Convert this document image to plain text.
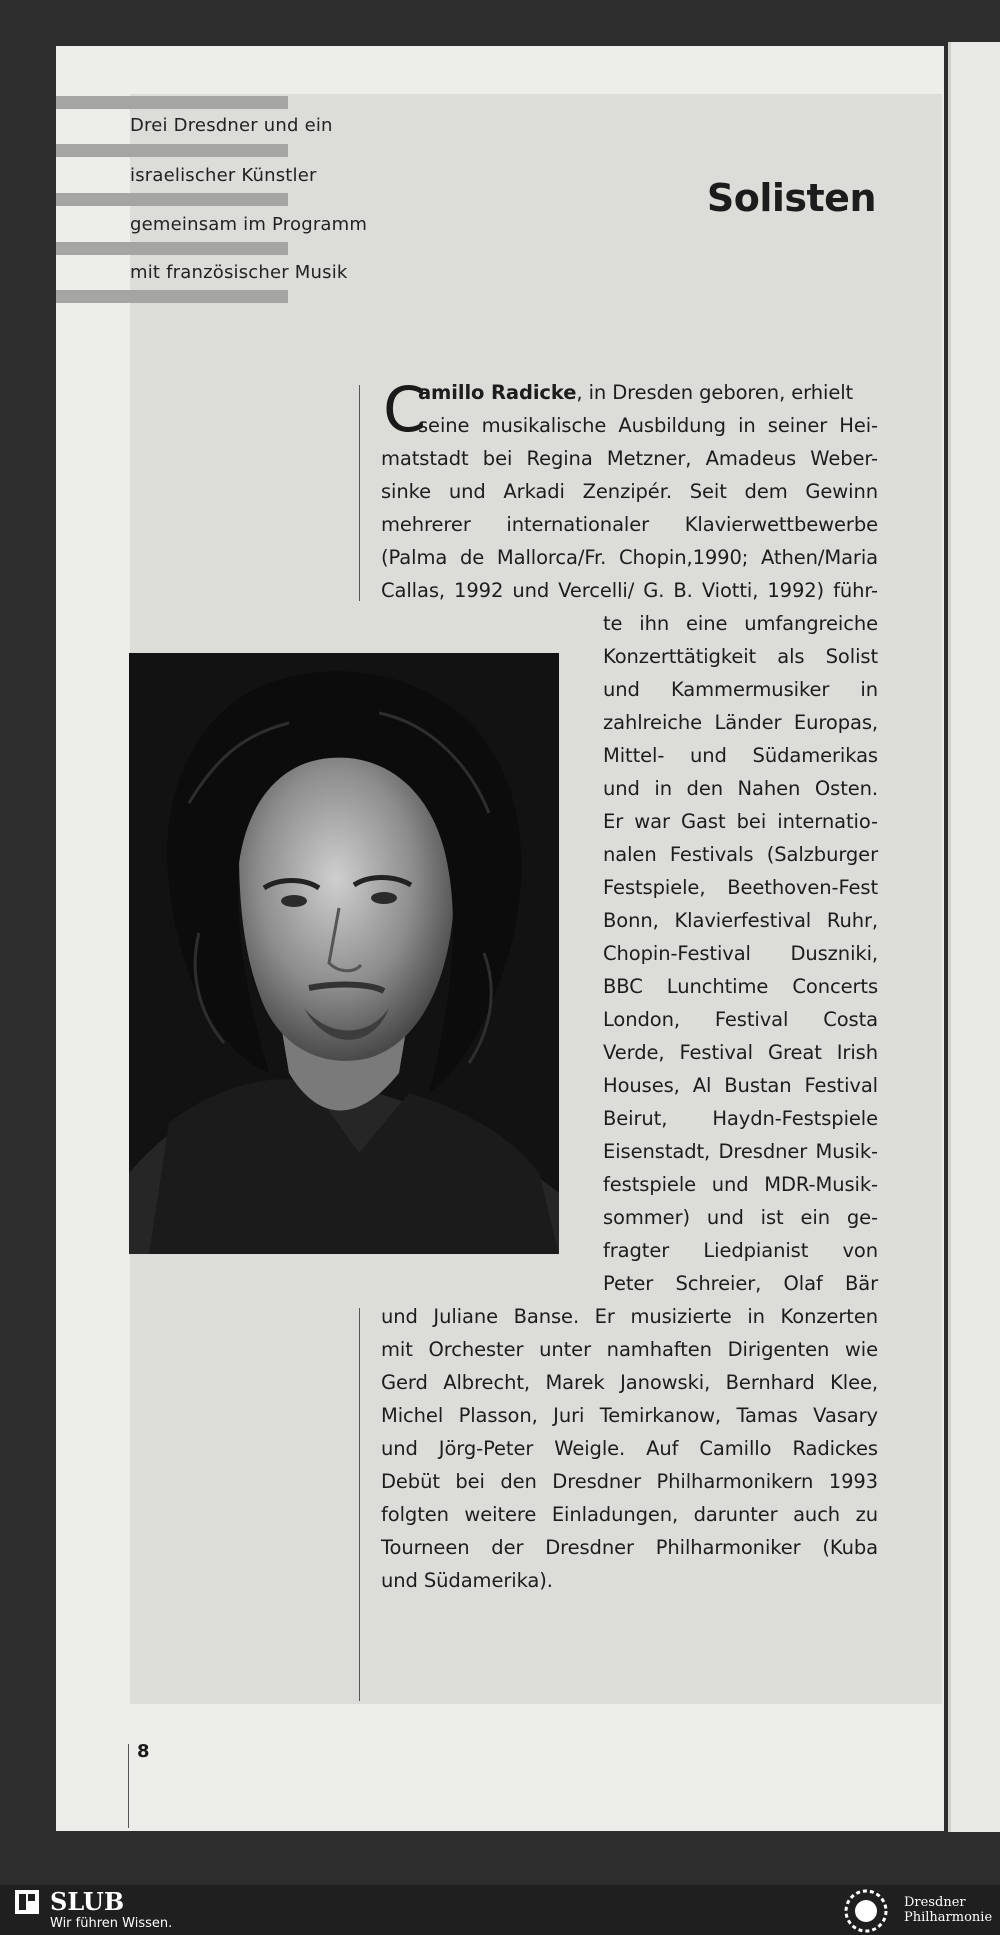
Drei Dresdner und ein
israelischer Künstler
gemeinsam im Programm
mit französischer Musik
Solisten
C
amillo Radicke, in Dresden geboren, erhielt
seine musikalische Ausbildung in seiner Hei-
matstadt bei Regina Metzner, Amadeus Weber-
sinke und Arkadi Zenzipér. Seit dem Gewinn
mehrerer internationaler Klavierwettbewerbe
(Palma de Mallorca/Fr. Chopin,1990; Athen/Maria
Callas, 1992 und Vercelli/ G. B. Viotti, 1992) führ-
te ihn eine umfangreiche
Konzerttätigkeit als Solist
und Kammermusiker in
zahlreiche Länder Europas,
Mittel- und Südamerikas
und in den Nahen Osten.
Er war Gast bei internatio-
nalen Festivals (Salzburger
Festspiele, Beethoven-Fest
Bonn, Klavierfestival Ruhr,
Chopin-Festival Duszniki,
BBC Lunchtime Concerts
London, Festival Costa
Verde, Festival Great Irish
Houses, Al Bustan Festival
Beirut, Haydn-Festspiele
Eisenstadt, Dresdner Musik-
festspiele und MDR-Musik-
sommer) und ist ein ge-
fragter Liedpianist von
Peter Schreier, Olaf Bär
und Juliane Banse. Er musizierte in Konzerten
mit Orchester unter namhaften Dirigenten wie
Gerd Albrecht, Marek Janowski, Bernhard Klee,
Michel Plasson, Juri Temirkanow, Tamas Vasary
und Jörg-Peter Weigle. Auf Camillo Radickes
Debüt bei den Dresdner Philharmonikern 1993
folgten weitere Einladungen, darunter auch zu
Tourneen der Dresdner Philharmoniker (Kuba
und Südamerika).
8
SLUB
Wir führen Wissen.
Dresdner
Philharmonie
